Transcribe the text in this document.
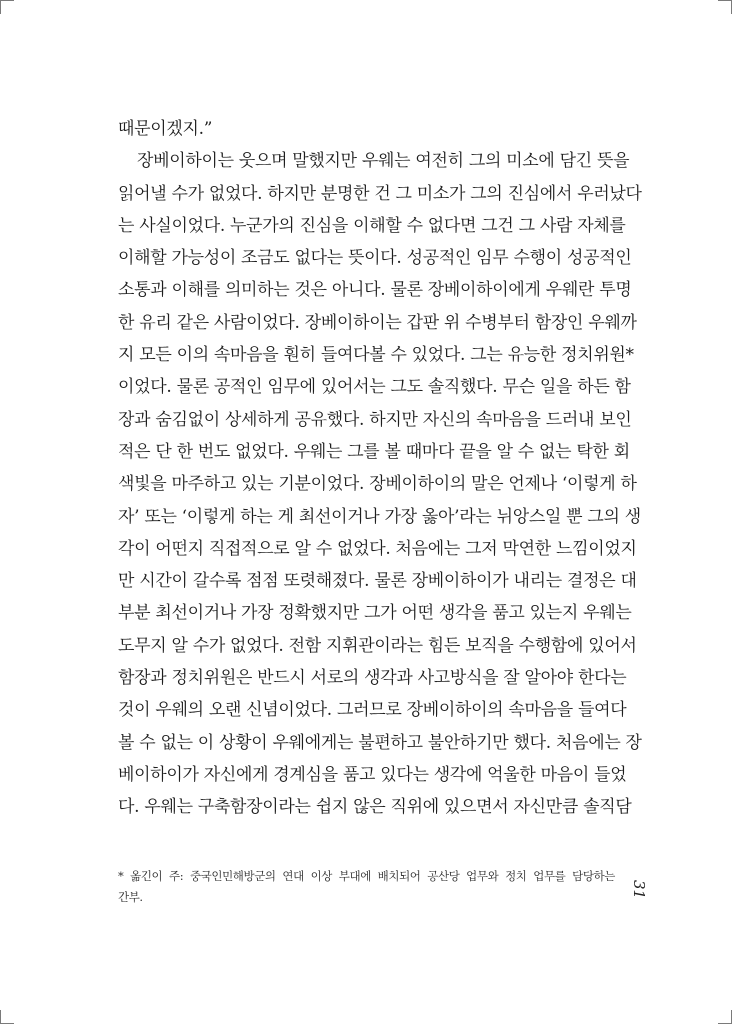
때문이겠지.”
장베이하이는 웃으며 말했지만 우웨는 여전히 그의 미소에 담긴 뜻을
읽어낼 수가 없었다. 하지만 분명한 건 그 미소가 그의 진심에서 우러났다
는 사실이었다. 누군가의 진심을 이해할 수 없다면 그건 그 사람 자체를
이해할 가능성이 조금도 없다는 뜻이다. 성공적인 임무 수행이 성공적인
소통과 이해를 의미하는 것은 아니다. 물론 장베이하이에게 우웨란 투명
한 유리 같은 사람이었다. 장베이하이는 갑판 위 수병부터 함장인 우웨까
지 모든 이의 속마음을 훤히 들여다볼 수 있었다. 그는 유능한 정치위원*
이었다. 물론 공적인 임무에 있어서는 그도 솔직했다. 무슨 일을 하든 함
장과 숨김없이 상세하게 공유했다. 하지만 자신의 속마음을 드러내 보인
적은 단 한 번도 없었다. 우웨는 그를 볼 때마다 끝을 알 수 없는 탁한 회
색빛을 마주하고 있는 기분이었다. 장베이하이의 말은 언제나 ‘이렇게 하
자’ 또는 ‘이렇게 하는 게 최선이거나 가장 옳아’라는 뉘앙스일 뿐 그의 생
각이 어떤지 직접적으로 알 수 없었다. 처음에는 그저 막연한 느낌이었지
만 시간이 갈수록 점점 또렷해졌다. 물론 장베이하이가 내리는 결정은 대
부분 최선이거나 가장 정확했지만 그가 어떤 생각을 품고 있는지 우웨는
도무지 알 수가 없었다. 전함 지휘관이라는 힘든 보직을 수행함에 있어서
함장과 정치위원은 반드시 서로의 생각과 사고방식을 잘 알아야 한다는
것이 우웨의 오랜 신념이었다. 그러므로 장베이하이의 속마음을 들여다
볼 수 없는 이 상황이 우웨에게는 불편하고 불안하기만 했다. 처음에는 장
베이하이가 자신에게 경계심을 품고 있다는 생각에 억울한 마음이 들었
다. 우웨는 구축함장이라는 쉽지 않은 직위에 있으면서 자신만큼 솔직담
* 옮긴이 주: 중국인민해방군의 연대 이상 부대에 배치되어 공산당 업무와 정치 업무를 담당하는
간부.	31
